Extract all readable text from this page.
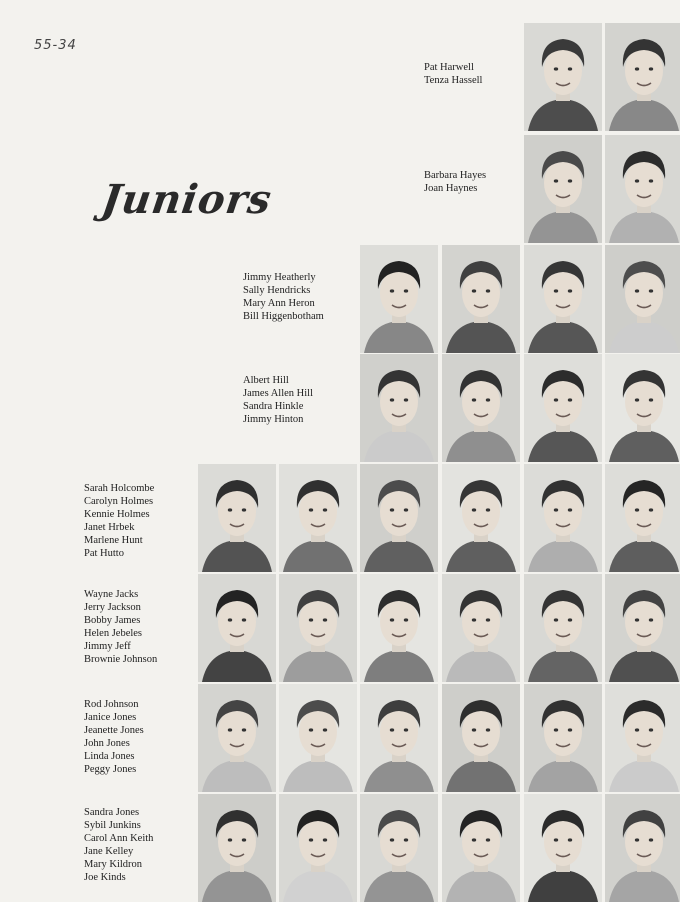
55-34
Juniors
Pat Harwell
Tenza Hassell
Barbara Hayes
Joan Haynes
Jimmy Heatherly
Sally Hendricks
Mary Ann Heron
Bill Higgenbotham
Albert Hill
James Allen Hill
Sandra Hinkle
Jimmy Hinton
Sarah Holcombe
Carolyn Holmes
Kennie Holmes
Janet Hrbek
Marlene Hunt
Pat Hutto
Wayne Jacks
Jerry Jackson
Bobby James
Helen Jebeles
Jimmy Jeff
Brownie Johnson
Rod Johnson
Janice Jones
Jeanette Jones
John Jones
Linda Jones
Peggy Jones
Sandra Jones
Sybil Junkins
Carol Ann Keith
Jane Kelley
Mary Kildron
Joe Kinds
